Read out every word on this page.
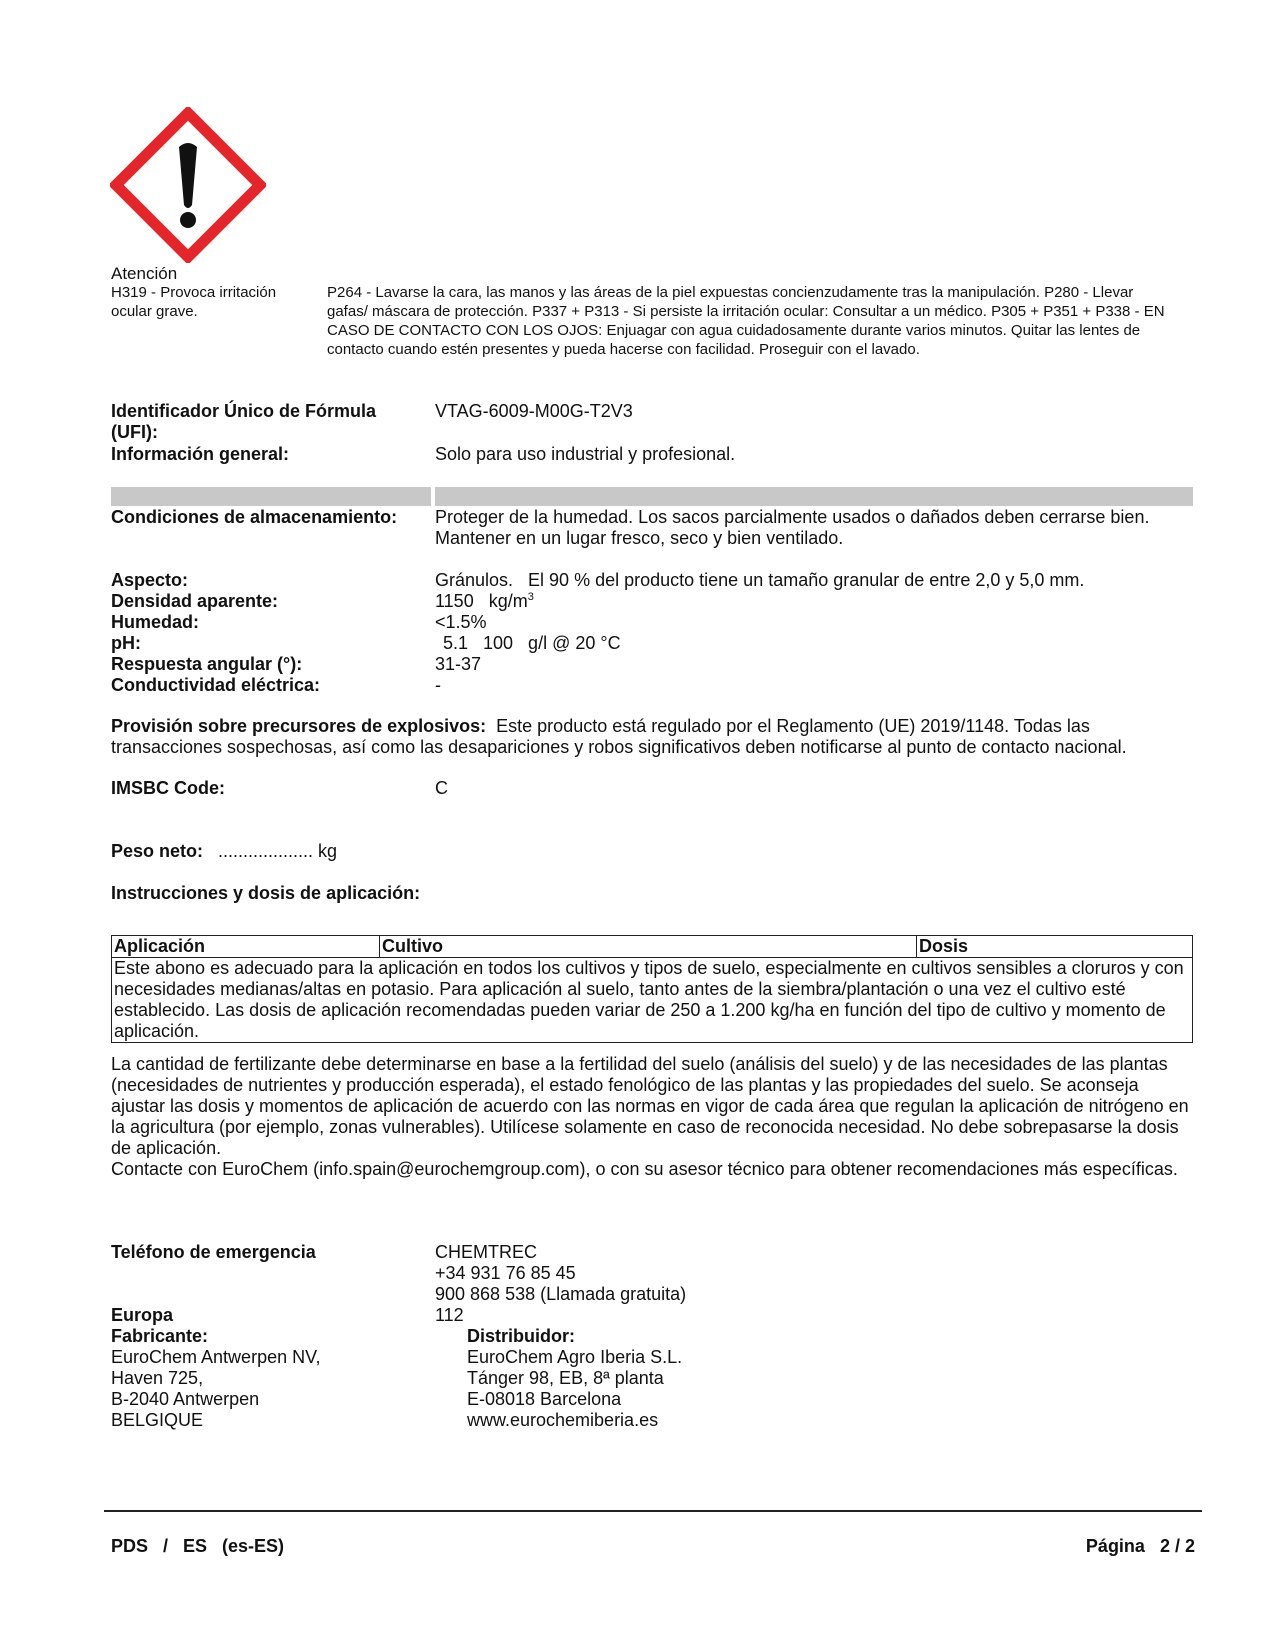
Atención
H319 - Provoca irritación ocular grave.
P264 - Lavarse la cara, las manos y las áreas de la piel expuestas concienzudamente tras la manipulación. P280 - Llevar gafas/ máscara de protección. P337 + P313 - Si persiste la irritación ocular: Consultar a un médico. P305 + P351 + P338 - EN CASO DE CONTACTO CON LOS OJOS: Enjuagar con agua cuidadosamente durante varios minutos. Quitar las lentes de contacto cuando estén presentes y pueda hacerse con facilidad. Proseguir con el lavado.
Identificador Único de Fórmula (UFI):
VTAG-6009-M00G-T2V3
Información general:	Solo para uso industrial y profesional.
Condiciones de almacenamiento: Proteger de la humedad. Los sacos parcialmente usados o dañados deben cerrarse bien. Mantener en un lugar fresco, seco y bien ventilado.
Aspecto:	Gránulos.   El 90 % del producto tiene un tamaño granular de entre 2,0 y 5,0 mm.
Densidad aparente:	1150   $kg/m^3$
Humedad:	<1.5%
pH:	5.1   100   g/l @ 20 °C
Respuesta angular (°):	31-37
Conductividad eléctrica:	-
Provisión sobre precursores de explosivos: Este producto está regulado por el Reglamento (UE) 2019/1148. Todas las
transacciones sospechosas, así como las desapariciones y robos significativos deben notificarse al punto de contacto nacional.
IMSBC Code:	C
Peso neto: ................... kg
Instrucciones y dosis de aplicación:
Aplicación	Cultivo	Dosis
Este abono es adecuado para la aplicación en todos los cultivos y tipos de suelo, especialmente en cultivos sensibles a cloruros y con necesidades medianas/altas en potasio. Para aplicación al suelo, tanto antes de la siembra/plantación o una vez el cultivo esté establecido. Las dosis de aplicación recomendadas pueden variar de 250 a 1.200 kg/ha en función del tipo de cultivo y momento de aplicación.
La cantidad de fertilizante debe determinarse en base a la fertilidad del suelo (análisis del suelo) y de las necesidades de las plantas (necesidades de nutrientes y producción esperada), el estado fenológico de las plantas y las propiedades del suelo. Se aconseja ajustar las dosis y momentos de aplicación de acuerdo con las normas en vigor de cada área que regulan la aplicación de nitrógeno en la agricultura (por ejemplo, zonas vulnerables). Utilícese solamente en caso de reconocida necesidad. No debe sobrepasarse la dosis de aplicación.
Contacte con EuroChem (info.spain@eurochemgroup.com), o con su asesor técnico para obtener recomendaciones más específicas.
Teléfono de emergencia	CHEMTREC
+34 931 76 85 45
900 868 538 (Llamada gratuita)
Europa	112
Fabricante:
EuroChem Antwerpen NV,
Haven 725,
B-2040 Antwerpen
BELGIQUE
Distribuidor:
EuroChem Agro Iberia S.L.
Tánger 98, EB, 8ª planta
E-08018 Barcelona
www.eurochemiberia.es
PDS   /   ES   (es-ES)	Página 2 / 2
